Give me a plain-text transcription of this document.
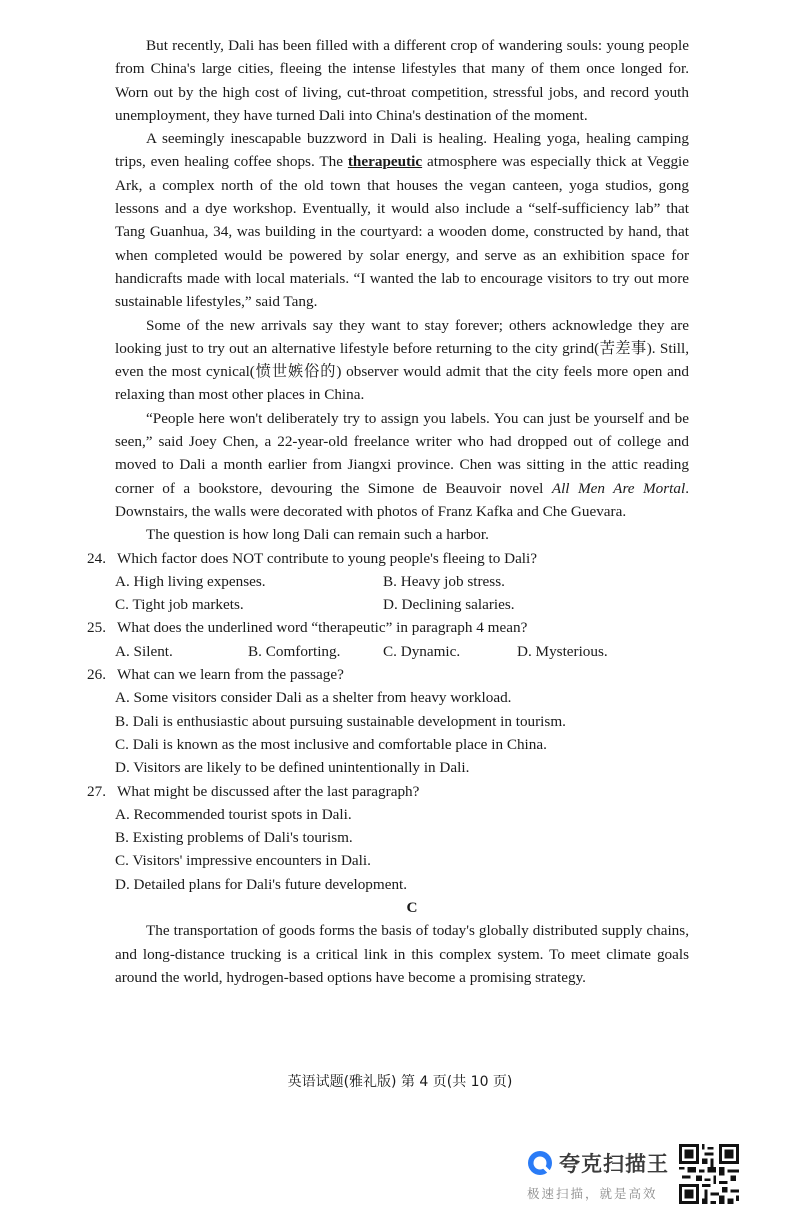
But recently, Dali has been filled with a different crop of wandering souls: young people from China's large cities, fleeing the intense lifestyles that many of them once longed for. Worn out by the high cost of living, cut-throat competition, stressful jobs, and record youth unemployment, they have turned Dali into China's destination of the moment.

A seemingly inescapable buzzword in Dali is healing. Healing yoga, healing camping trips, even healing coffee shops. The therapeutic atmosphere was especially thick at Veggie Ark, a complex north of the old town that houses the vegan canteen, yoga studios, gong lessons and a dye workshop. Eventually, it would also include a “self-sufficiency lab” that Tang Guanhua, 34, was building in the courtyard: a wooden dome, constructed by hand, that when completed would be powered by solar energy, and serve as an exhibition space for handicrafts made with local materials. “I wanted the lab to encourage visitors to try out more sustainable lifestyles,” said Tang.

Some of the new arrivals say they want to stay forever; others acknowledge they are looking just to try out an alternative lifestyle before returning to the city grind(苦差事). Still, even the most cynical(愤世嫉俗的) observer would admit that the city feels more open and relaxing than most other places in China.

“People here won't deliberately try to assign you labels. You can just be yourself and be seen,” said Joey Chen, a 22-year-old freelance writer who had dropped out of college and moved to Dali a month earlier from Jiangxi province. Chen was sitting in the attic reading corner of a bookstore, devouring the Simone de Beauvoir novel All Men Are Mortal. Downstairs, the walls were decorated with photos of Franz Kafka and Che Guevara.

The question is how long Dali can remain such a harbor.

24. Which factor does NOT contribute to young people's fleeing to Dali?
A. High living expenses.	B. Heavy job stress.
C. Tight job markets.	D. Declining salaries.
25. What does the underlined word “therapeutic” in paragraph 4 mean?
A. Silent.	B. Comforting.	C. Dynamic.	D. Mysterious.
26. What can we learn from the passage?
A. Some visitors consider Dali as a shelter from heavy workload.
B. Dali is enthusiastic about pursuing sustainable development in tourism.
C. Dali is known as the most inclusive and comfortable place in China.
D. Visitors are likely to be defined unintentionally in Dali.
27. What might be discussed after the last paragraph?
A. Recommended tourist spots in Dali.
B. Existing problems of Dali's tourism.
C. Visitors' impressive encounters in Dali.
D. Detailed plans for Dali's future development.

C

The transportation of goods forms the basis of today's globally distributed supply chains, and long-distance trucking is a critical link in this complex system. To meet climate goals around the world, hydrogen-based options have become a promising strategy.

英语试题(雅礼版) 第 4 页(共 10 页)
夸克扫描王
极速扫描，就是高效
